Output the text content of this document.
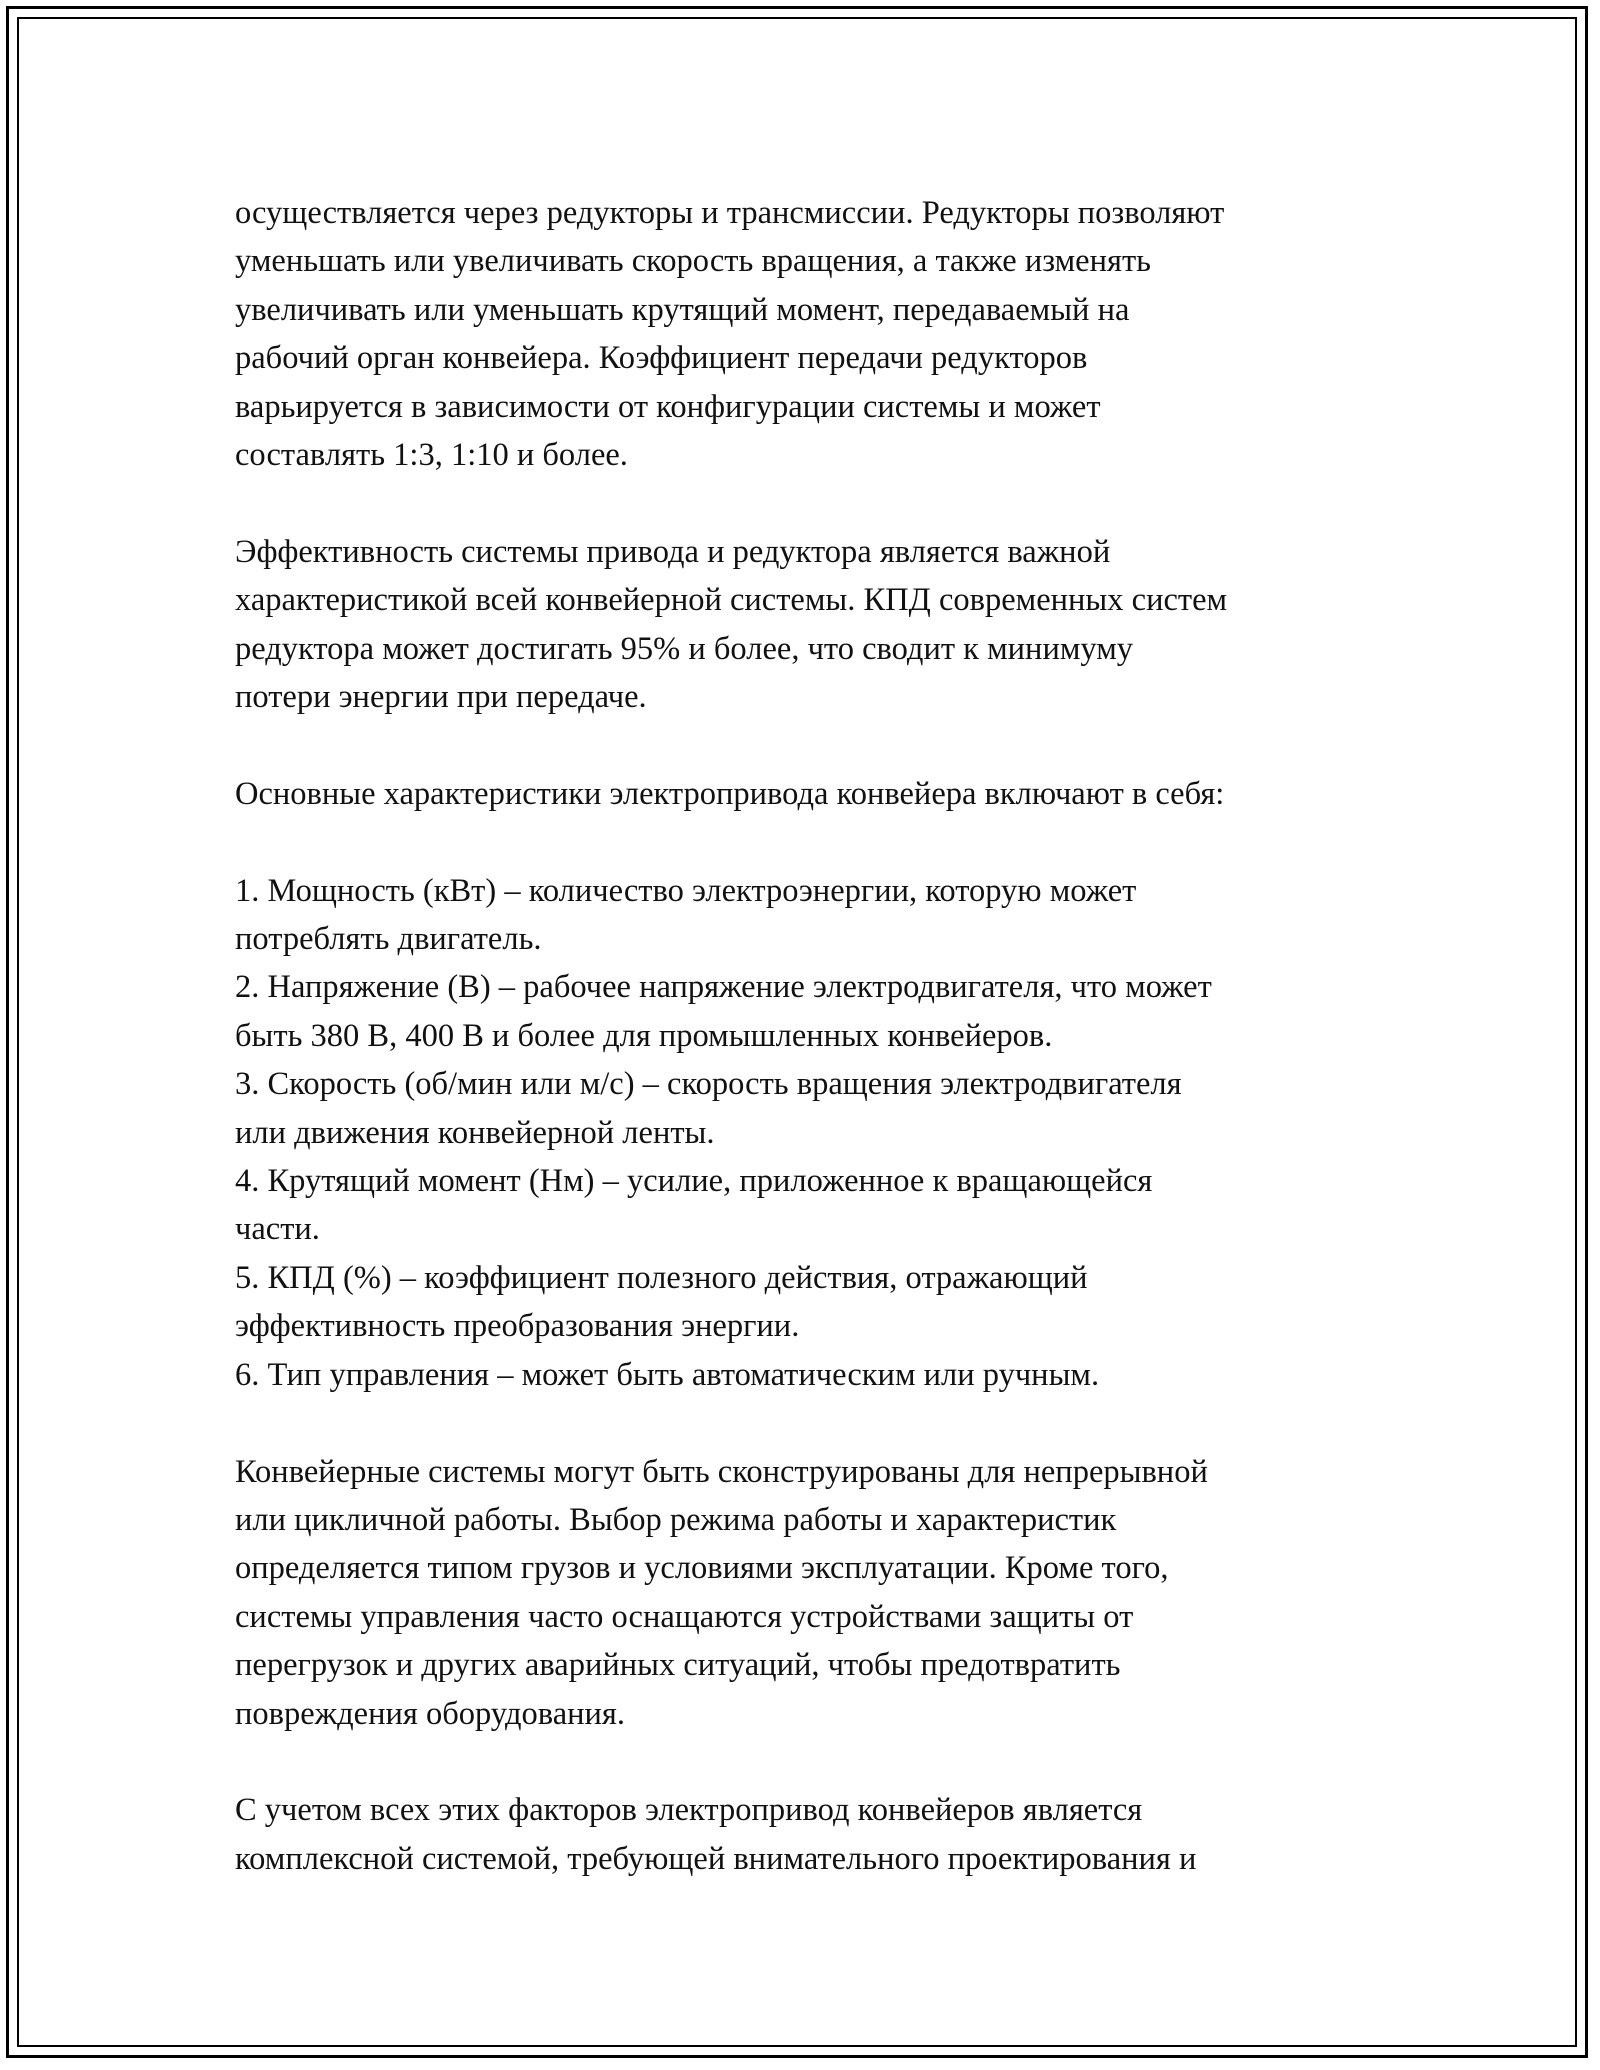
осуществляется через редукторы и трансмиссии. Редукторы позволяют
уменьшать или увеличивать скорость вращения, а также изменять
увеличивать или уменьшать крутящий момент, передаваемый на
рабочий орган конвейера. Коэффициент передачи редукторов
варьируется в зависимости от конфигурации системы и может
составлять 1:3, 1:10 и более.

Эффективность системы привода и редуктора является важной
характеристикой всей конвейерной системы. КПД современных систем
редуктора может достигать 95% и более, что сводит к минимуму
потери энергии при передаче.

Основные характеристики электропривода конвейера включают в себя:

1. Мощность (кВт) – количество электроэнергии, которую может
потреблять двигатель.
2. Напряжение (В) – рабочее напряжение электродвигателя, что может
быть 380 В, 400 В и более для промышленных конвейеров.
3. Скорость (об/мин или м/с) – скорость вращения электродвигателя
или движения конвейерной ленты.
4. Крутящий момент (Нм) – усилие, приложенное к вращающейся
части.
5. КПД (%) – коэффициент полезного действия, отражающий
эффективность преобразования энергии.
6. Тип управления – может быть автоматическим или ручным.

Конвейерные системы могут быть сконструированы для непрерывной
или цикличной работы. Выбор режима работы и характеристик
определяется типом грузов и условиями эксплуатации. Кроме того,
системы управления часто оснащаются устройствами защиты от
перегрузок и других аварийных ситуаций, чтобы предотвратить
повреждения оборудования.

С учетом всех этих факторов электропривод конвейеров является
комплексной системой, требующей внимательного проектирования и
